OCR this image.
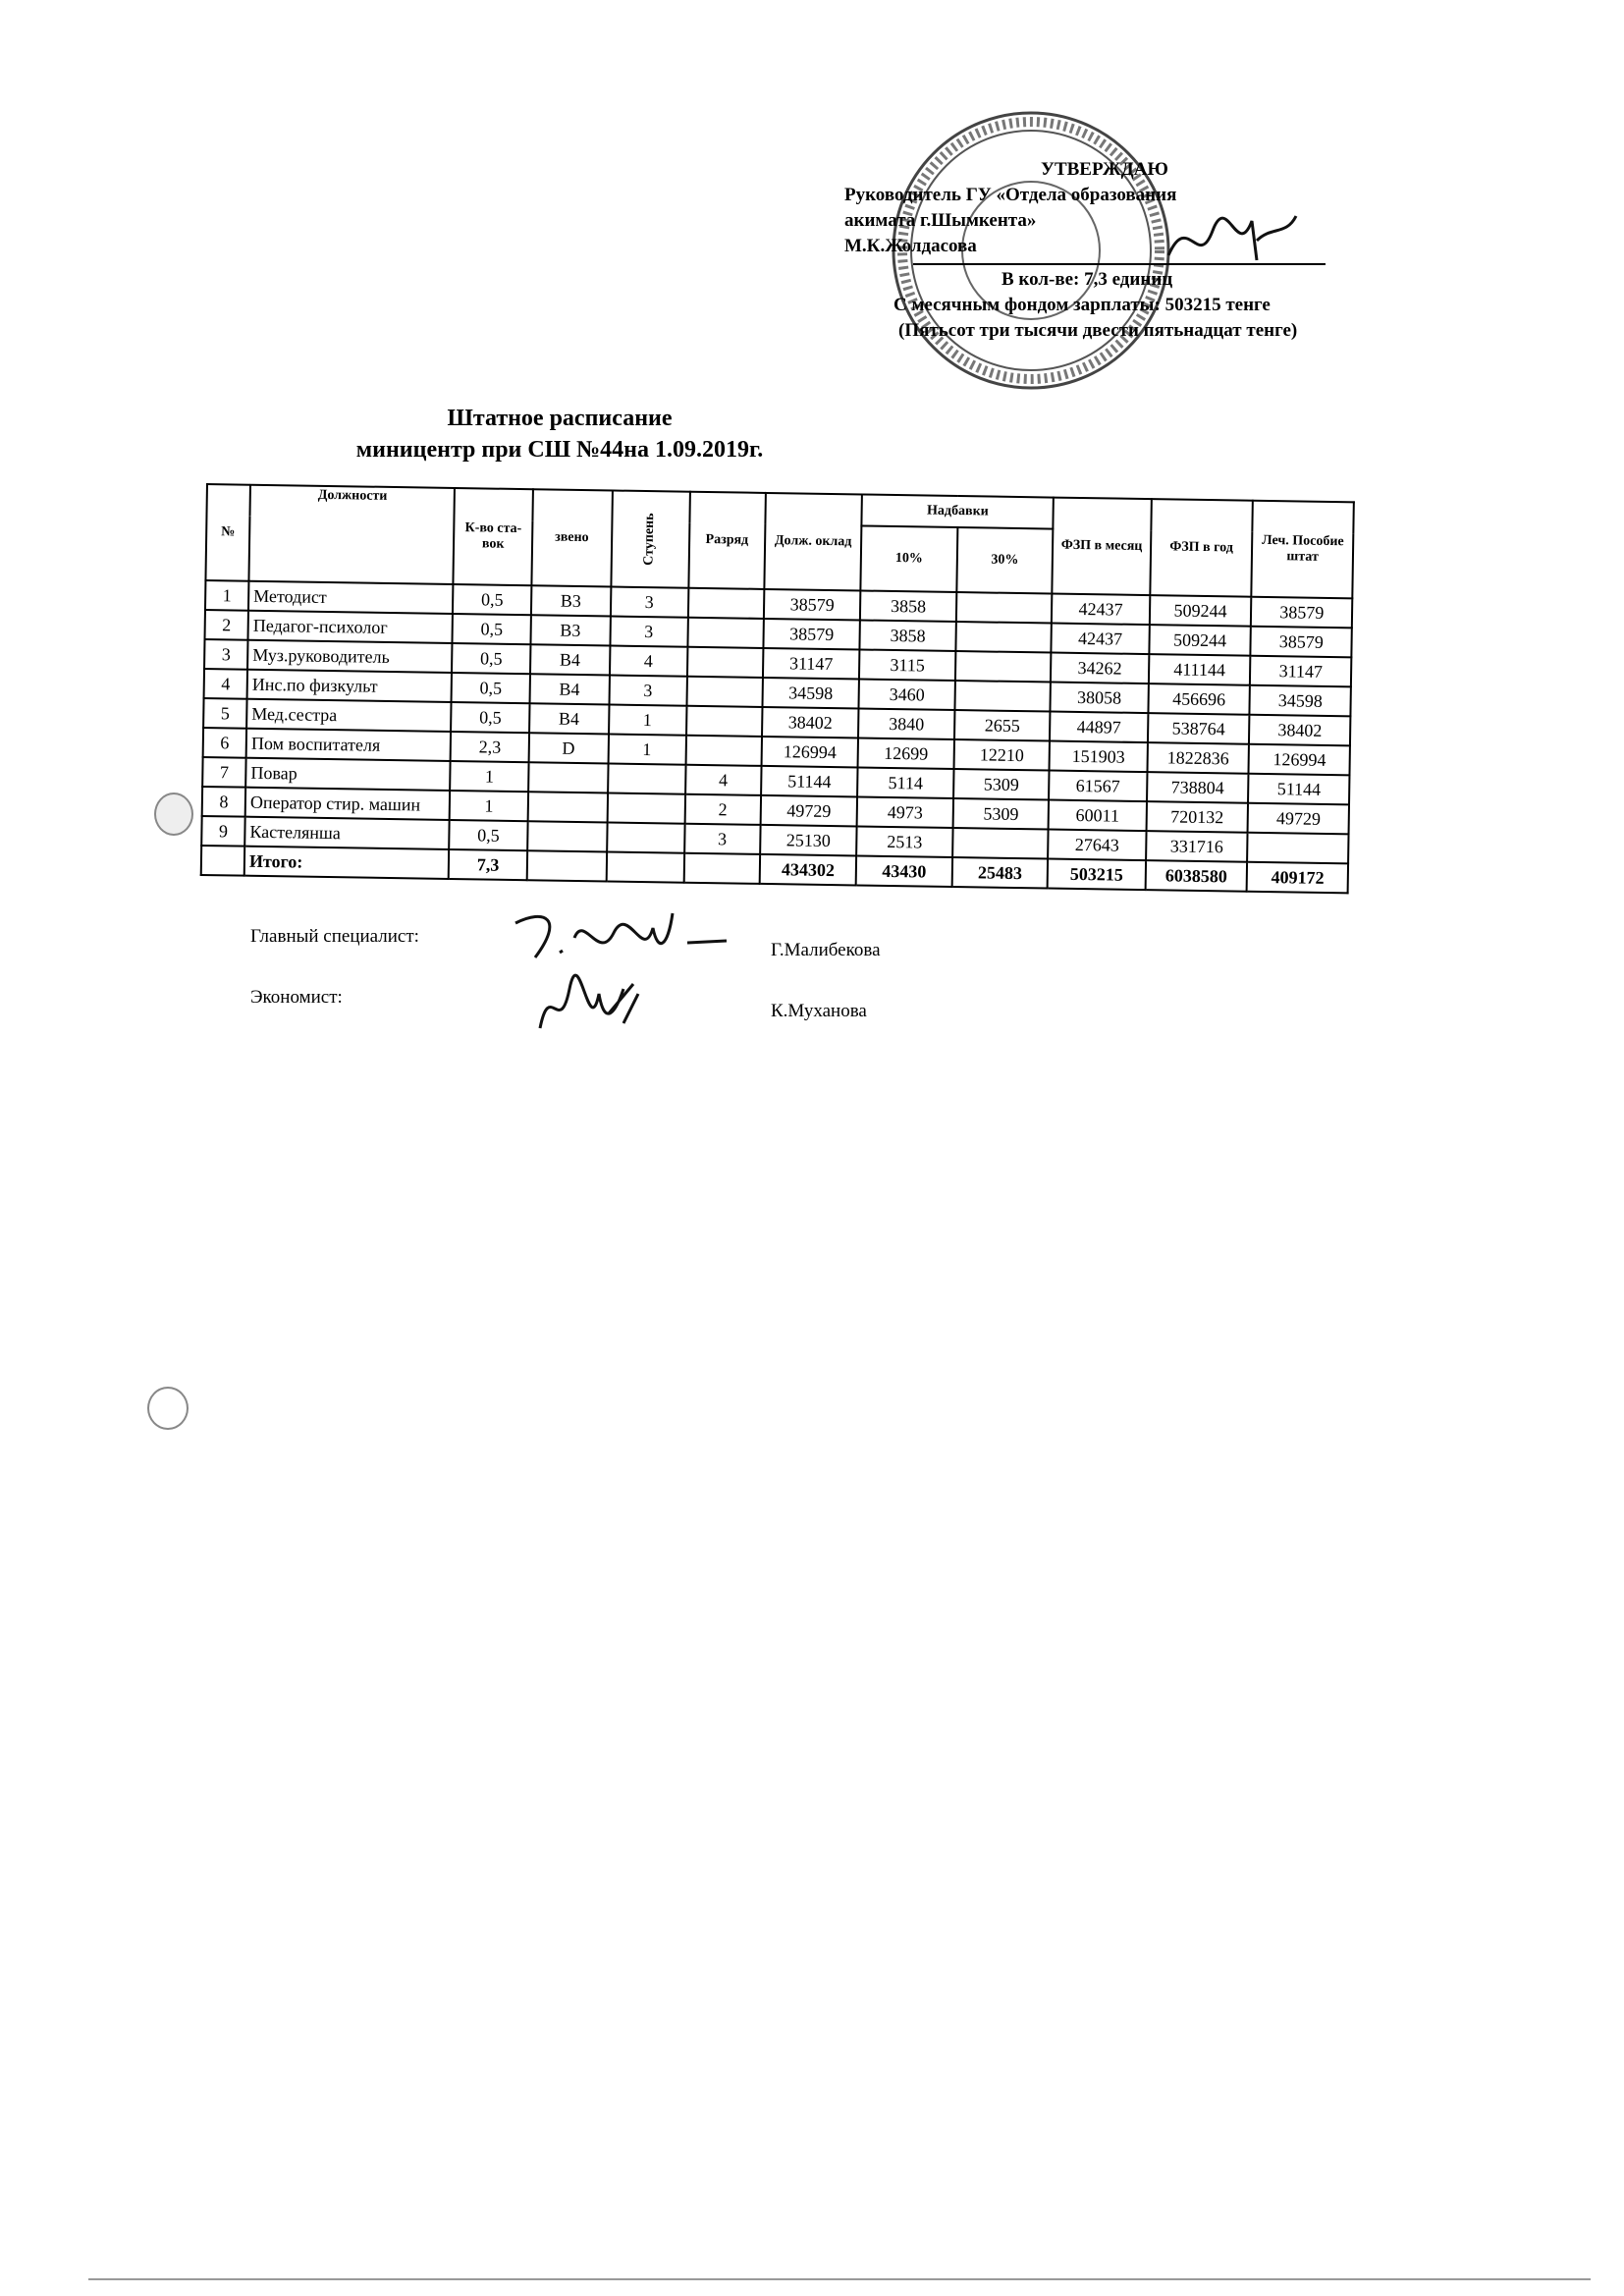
УТВЕРЖДАЮ
Руководитель ГУ «Отдела образования
акимата г.Шымкента»
М.К.Жолдасова
В кол-ве: 7,3 единиц
С месячным фондом зарплаты: 503215 тенге
(Пятьсот три тысячи двести пятьнадцат тенге)
Штатное расписание
миницентр при СШ №44на 1.09.2019г.
№	Должности	К-во ста-вок	звено	Ступень	Разряд	Долж. оклад	Надбавки		ФЗП в месяц	ФЗП в год	Леч. Пособие штат
							10%	30%			
1	Методист	0,5	B3	3		38579	3858		42437	509244	38579
2	Педагог-психолог	0,5	B3	3		38579	3858		42437	509244	38579
3	Муз.руководитель	0,5	B4	4		31147	3115		34262	411144	31147
4	Инс.по физкульт	0,5	B4	3		34598	3460		38058	456696	34598
5	Мед.сестра	0,5	B4	1		38402	3840	2655	44897	538764	38402
6	Пом воспитателя	2,3	D	1		126994	12699	12210	151903	1822836	126994
7	Повар	1			4	51144	5114	5309	61567	738804	51144
8	Оператор стир. машин	1			2	49729	4973	5309	60011	720132	49729
9	Кастелянша	0,5			3	25130	2513		27643	331716	
	Итого:	7,3				434302	43430	25483	503215	6038580	409172
Главный специалист:
Г.Малибекова
Экономист:
К.Муханова
